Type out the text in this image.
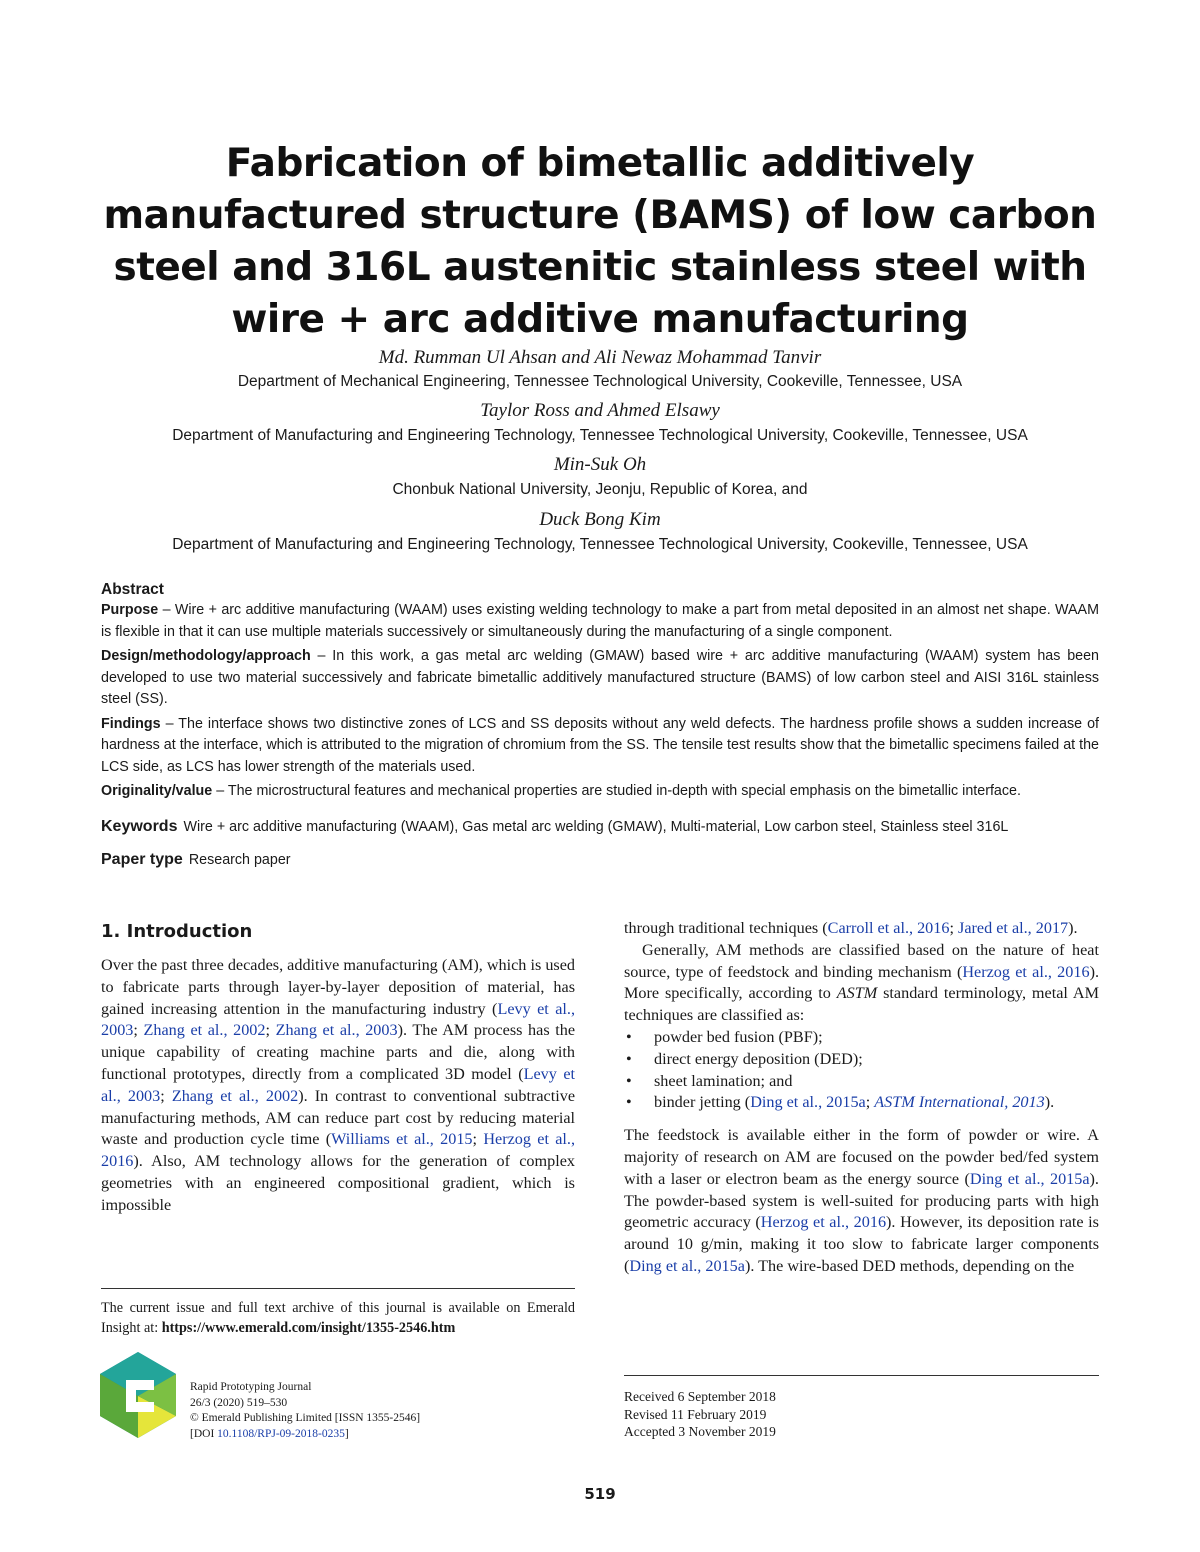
Fabrication of bimetallic additively
manufactured structure (BAMS) of low carbon
steel and 316L austenitic stainless steel with
wire + arc additive manufacturing
Md. Rumman Ul Ahsan and Ali Newaz Mohammad Tanvir
Department of Mechanical Engineering, Tennessee Technological University, Cookeville, Tennessee, USA
Taylor Ross and Ahmed Elsawy
Department of Manufacturing and Engineering Technology, Tennessee Technological University, Cookeville, Tennessee, USA
Min-Suk Oh
Chonbuk National University, Jeonju, Republic of Korea, and
Duck Bong Kim
Department of Manufacturing and Engineering Technology, Tennessee Technological University, Cookeville, Tennessee, USA
Abstract

Purpose – Wire + arc additive manufacturing (WAAM) uses existing welding technology to make a part from metal deposited in an almost net shape. WAAM is flexible in that it can use multiple materials successively or simultaneously during the manufacturing of a single component.

Design/methodology/approach – In this work, a gas metal arc welding (GMAW) based wire + arc additive manufacturing (WAAM) system has been developed to use two material successively and fabricate bimetallic additively manufactured structure (BAMS) of low carbon steel and AISI 316L stainless steel (SS).

Findings – The interface shows two distinctive zones of LCS and SS deposits without any weld defects. The hardness profile shows a sudden increase of hardness at the interface, which is attributed to the migration of chromium from the SS. The tensile test results show that the bimetallic specimens failed at the LCS side, as LCS has lower strength of the materials used.

Originality/value – The microstructural features and mechanical properties are studied in-depth with special emphasis on the bimetallic interface.

Keywords Wire + arc additive manufacturing (WAAM), Gas metal arc welding (GMAW), Multi-material, Low carbon steel, Stainless steel 316L
Paper type Research paper
1. Introduction

Over the past three decades, additive manufacturing (AM), which is used to fabricate parts through layer-by-layer deposition of material, has gained increasing attention in the manufacturing industry (Levy et al., 2003; Zhang et al., 2002; Zhang et al., 2003). The AM process has the unique capability of creating machine parts and die, along with functional prototypes, directly from a complicated 3D model (Levy et al., 2003; Zhang et al., 2002). In contrast to conventional subtractive manufacturing methods, AM can reduce part cost by reducing material waste and production cycle time (Williams et al., 2015; Herzog et al., 2016). Also, AM technology allows for the generation of complex geometries with an engineered compositional gradient, which is impossible

through traditional techniques (Carroll et al., 2016; Jared et al., 2017).

Generally, AM methods are classified based on the nature of heat source, type of feedstock and binding mechanism (Herzog et al., 2016). More specifically, according to ASTM standard terminology, metal AM techniques are classified as:

• powder bed fusion (PBF);
• direct energy deposition (DED);
• sheet lamination; and
• binder jetting (Ding et al., 2015a; ASTM International, 2013).

The feedstock is available either in the form of powder or wire. A majority of research on AM are focused on the powder bed/fed system with a laser or electron beam as the energy source (Ding et al., 2015a). The powder-based system is well-suited for producing parts with high geometric accuracy (Herzog et al., 2016). However, its deposition rate is around 10 g/min, making it too slow to fabricate larger components (Ding et al., 2015a). The wire-based DED methods, depending on the

The current issue and full text archive of this journal is available on Emerald Insight at: https://www.emerald.com/insight/1355-2546.htm
Rapid Prototyping Journal
26/3 (2020) 519–530
© Emerald Publishing Limited [ISSN 1355-2546]
[DOI 10.1108/RPJ-09-2018-0235]
Received 6 September 2018
Revised 11 February 2019
Accepted 3 November 2019
519
